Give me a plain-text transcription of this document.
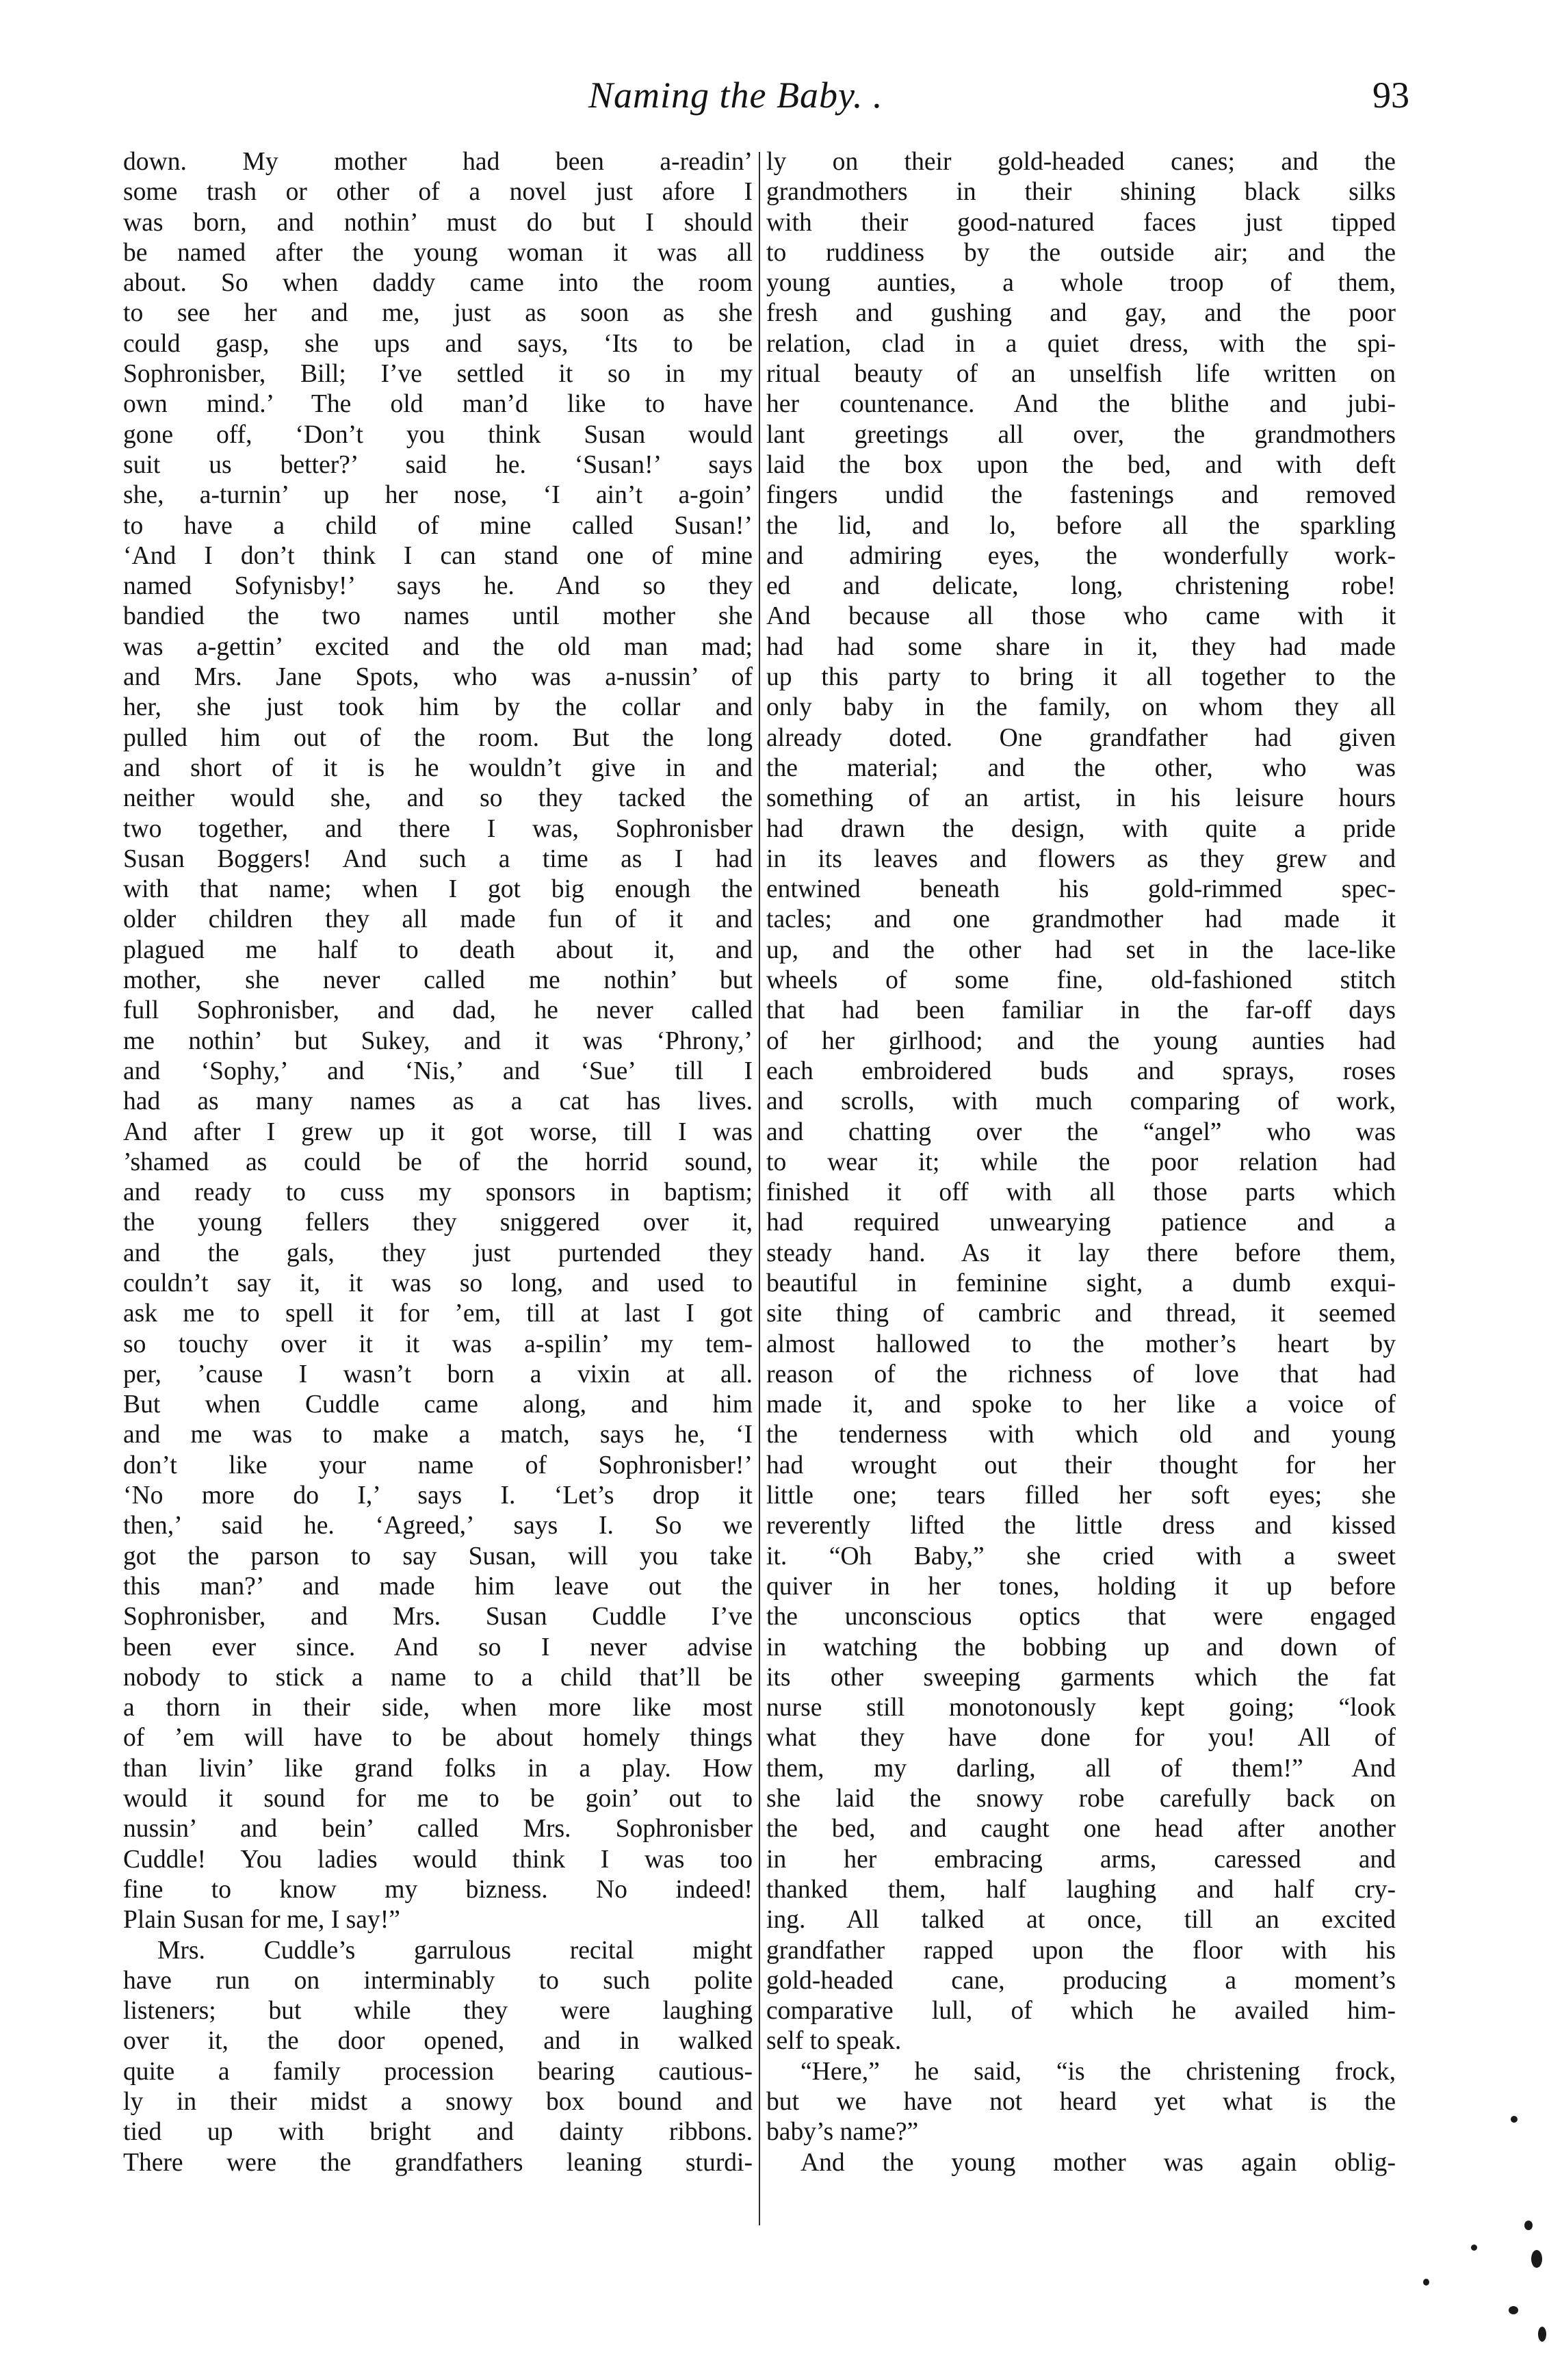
Naming the Baby. .	93
down. My mother had been a-readin’
some trash or other of a novel just afore I
was born, and nothin’ must do but I should
be named after the young woman it was all
about. So when daddy came into the room
to see her and me, just as soon as she
could gasp, she ups and says, ‘Its to be
Sophronisber, Bill; I’ve settled it so in my
own mind.’ The old man’d like to have
gone off, ‘Don’t you think Susan would
suit us better?’ said he. ‘Susan!’ says
she, a-turnin’ up her nose, ‘I ain’t a-goin’
to have a child of mine called Susan!’
‘And I don’t think I can stand one of mine
named Sofynisby!’ says he. And so they
bandied the two names until mother she
was a-gettin’ excited and the old man mad;
and Mrs. Jane Spots, who was a-nussin’ of
her, she just took him by the collar and
pulled him out of the room. But the long
and short of it is he wouldn’t give in and
neither would she, and so they tacked the
two together, and there I was, Sophronisber
Susan Boggers! And such a time as I had
with that name; when I got big enough the
older children they all made fun of it and
plagued me half to death about it, and
mother, she never called me nothin’ but
full Sophronisber, and dad, he never called
me nothin’ but Sukey, and it was ‘Phrony,’
and ‘Sophy,’ and ‘Nis,’ and ‘Sue’ till I
had as many names as a cat has lives.
And after I grew up it got worse, till I was
’shamed as could be of the horrid sound,
and ready to cuss my sponsors in baptism;
the young fellers they sniggered over it,
and the gals, they just purtended they
couldn’t say it, it was so long, and used to
ask me to spell it for ’em, till at last I got
so touchy over it it was a-spilin’ my tem-
per, ’cause I wasn’t born a vixin at all.
But when Cuddle came along, and him
and me was to make a match, says he, ‘I
don’t like your name of Sophronisber!’
‘No more do I,’ says I. ‘Let’s drop it
then,’ said he. ‘Agreed,’ says I. So we
got the parson to say Susan, will you take
this man?’ and made him leave out the
Sophronisber, and Mrs. Susan Cuddle I’ve
been ever since. And so I never advise
nobody to stick a name to a child that’ll be
a thorn in their side, when more like most
of ’em will have to be about homely things
than livin’ like grand folks in a play. How
would it sound for me to be goin’ out to
nussin’ and bein’ called Mrs. Sophronisber
Cuddle! You ladies would think I was too
fine to know my bizness. No indeed!
Plain Susan for me, I say!”
Mrs. Cuddle’s garrulous recital might
have run on interminably to such polite
listeners; but while they were laughing
over it, the door opened, and in walked
quite a family procession bearing cautious-
ly in their midst a snowy box bound and
tied up with bright and dainty ribbons.
There were the grandfathers leaning sturdi-
ly on their gold-headed canes; and the
grandmothers in their shining black silks
with their good-natured faces just tipped
to ruddiness by the outside air; and the
young aunties, a whole troop of them,
fresh and gushing and gay, and the poor
relation, clad in a quiet dress, with the spi-
ritual beauty of an unselfish life written on
her countenance. And the blithe and jubi-
lant greetings all over, the grandmothers
laid the box upon the bed, and with deft
fingers undid the fastenings and removed
the lid, and lo, before all the sparkling
and admiring eyes, the wonderfully work-
ed and delicate, long, christening robe!
And because all those who came with it
had had some share in it, they had made
up this party to bring it all together to the
only baby in the family, on whom they all
already doted. One grandfather had given
the material; and the other, who was
something of an artist, in his leisure hours
had drawn the design, with quite a pride
in its leaves and flowers as they grew and
entwined beneath his gold-rimmed spec-
tacles; and one grandmother had made it
up, and the other had set in the lace-like
wheels of some fine, old-fashioned stitch
that had been familiar in the far-off days
of her girlhood; and the young aunties had
each embroidered buds and sprays, roses
and scrolls, with much comparing of work,
and chatting over the “angel” who was
to wear it; while the poor relation had
finished it off with all those parts which
had required unwearying patience and a
steady hand. As it lay there before them,
beautiful in feminine sight, a dumb exqui-
site thing of cambric and thread, it seemed
almost hallowed to the mother’s heart by
reason of the richness of love that had
made it, and spoke to her like a voice of
the tenderness with which old and young
had wrought out their thought for her
little one; tears filled her soft eyes; she
reverently lifted the little dress and kissed
it. “Oh Baby,” she cried with a sweet
quiver in her tones, holding it up before
the unconscious optics that were engaged
in watching the bobbing up and down of
its other sweeping garments which the fat
nurse still monotonously kept going; “look
what they have done for you! All of
them, my darling, all of them!” And
she laid the snowy robe carefully back on
the bed, and caught one head after another
in her embracing arms, caressed and
thanked them, half laughing and half cry-
ing. All talked at once, till an excited
grandfather rapped upon the floor with his
gold-headed cane, producing a moment’s
comparative lull, of which he availed him-
self to speak.
“Here,” he said, “is the christening frock,
but we have not heard yet what is the
baby’s name?”
And the young mother was again oblig-
